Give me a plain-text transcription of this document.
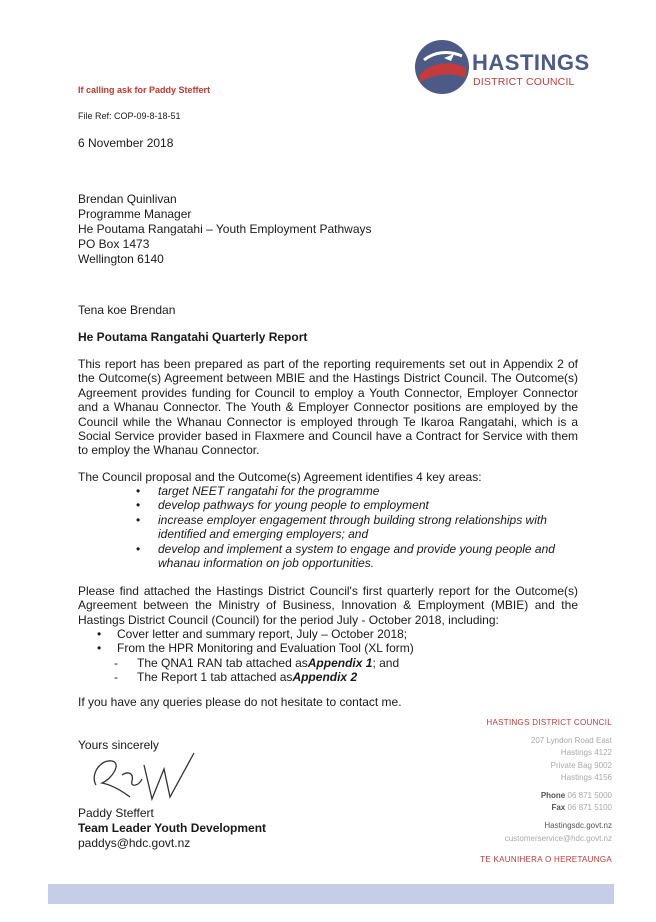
HASTINGS
DISTRICT COUNCIL
If calling ask for Paddy Steffert
File Ref: COP-09-8-18-51
6 November 2018
Brendan Quinlivan
Programme Manager
He Poutama Rangatahi – Youth Employment Pathways
PO Box 1473
Wellington 6140
Tena koe Brendan
He Poutama Rangatahi Quarterly Report
This report has been prepared as part of the reporting requirements set out in Appendix 2 of the Outcome(s) Agreement between MBIE and the Hastings District Council. The Outcome(s) Agreement provides funding for Council to employ a Youth Connector, Employer Connector and a Whanau Connector. The Youth & Employer Connector positions are employed by the Council while the Whanau Connector is employed through Te Ikaroa Rangatahi, which is a Social Service provider based in Flaxmere and Council have a Contract for Service with them to employ the Whanau Connector.
The Council proposal and the Outcome(s) Agreement identifies 4 key areas:
•	target NEET rangatahi for the programme
•	develop pathways for young people to employment
•	increase employer engagement through building strong relationships with identified and emerging employers; and
•	develop and implement a system to engage and provide young people and whanau information on job opportunities.
Please find attached the Hastings District Council's first quarterly report for the Outcome(s) Agreement between the Ministry of Business, Innovation & Employment (MBIE) and the Hastings District Council (Council) for the period July - October 2018, including:
•	Cover letter and summary report, July – October 2018;
•	From the HPR Monitoring and Evaluation Tool (XL form)
-	The QNA1 RAN tab attached as Appendix 1 ; and
-	The Report 1 tab attached as Appendix 2
If you have any queries please do not hesitate to contact me.
Yours sincerely
Paddy Steffert
Team Leader Youth Development
paddys@hdc.govt.nz
HASTINGS DISTRICT COUNCIL
207 Lyndon Road East
Hastings 4122
Private Bag 9002
Hastings 4156
Phone 06 871 5000
Fax 06 871 5100
Hastingsdc.govt.nz
customerservice@hdc.govt.nz
TE KAUNIHERA O HERETAUNGA
